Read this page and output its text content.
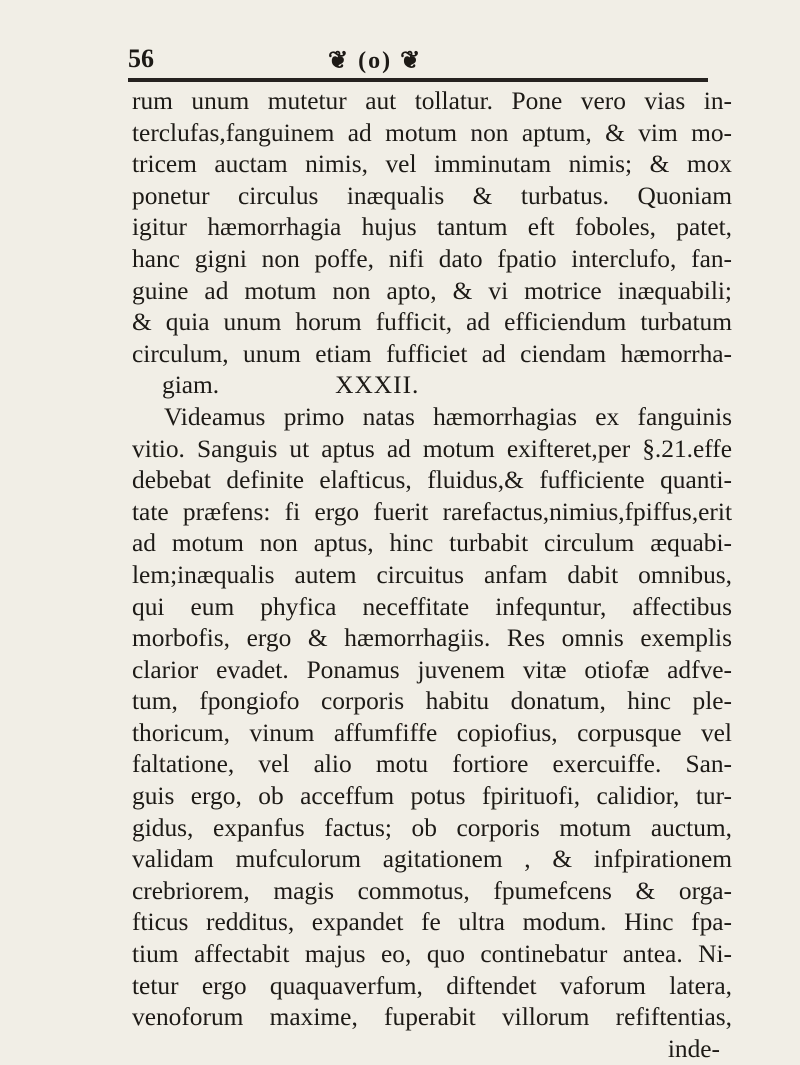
56	❦ (o) ❦
rum unum mutetur aut tollatur. Pone vero vias in-
terclufas,fanguinem ad motum non aptum, & vim mo-
tricem auctam nimis, vel imminutam nimis; & mox
ponetur circulus inæqualis & turbatus. Quoniam
igitur hæmorrhagia hujus tantum eft foboles, patet,
hanc gigni non poffe, nifi dato fpatio interclufo, fan-
guine ad motum non apto, & vi motrice inæquabili;
& quia unum horum fufficit, ad efficiendum turbatum
circulum, unum etiam fufficiet ad ciendam hæmorrha-
giam.	XXXII.
Videamus primo natas hæmorrhagias ex fanguinis
vitio. Sanguis ut aptus ad motum exifteret,per §.21.effe
debebat definite elafticus, fluidus,& fufficiente quanti-
tate præfens: fi ergo fuerit rarefactus,nimius,fpiffus,erit
ad motum non aptus, hinc turbabit circulum æquabi-
lem;inæqualis autem circuitus anfam dabit omnibus,
qui eum phyfica neceffitate infequntur, affectibus
morbofis, ergo & hæmorrhagiis. Res omnis exemplis
clarior evadet. Ponamus juvenem vitæ otiofæ adfve-
tum, fpongiofo corporis habitu donatum, hinc ple-
thoricum, vinum affumfiffe copiofius, corpusque vel
faltatione, vel alio motu fortiore exercuiffe. San-
guis ergo, ob acceffum potus fpirituofi, calidior, tur-
gidus, expanfus factus; ob corporis motum auctum,
validam mufculorum agitationem , & infpirationem
crebriorem, magis commotus, fpumefcens & orga-
fticus redditus, expandet fe ultra modum. Hinc fpa-
tium affectabit majus eo, quo continebatur antea. Ni-
tetur ergo quaquaverfum, diftendet vaforum latera,
venoforum maxime, fuperabit villorum refiftentias,
inde-
